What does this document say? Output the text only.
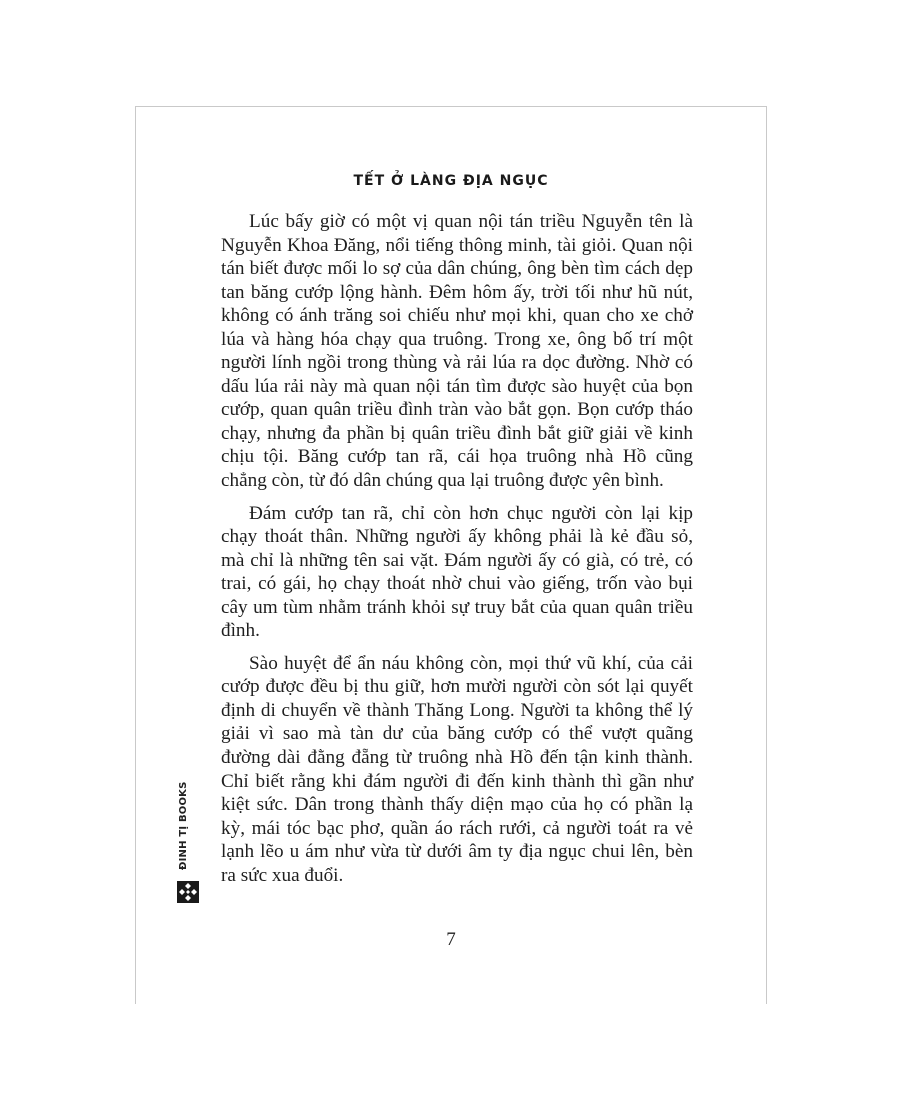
TẾT Ở LÀNG ĐỊA NGỤC

Lúc bấy giờ có một vị quan nội tán triều Nguyễn tên là Nguyễn Khoa Đăng, nổi tiếng thông minh, tài giỏi. Quan nội tán biết được mối lo sợ của dân chúng, ông bèn tìm cách dẹp tan băng cướp lộng hành. Đêm hôm ấy, trời tối như hũ nút, không có ánh trăng soi chiếu như mọi khi, quan cho xe chở lúa và hàng hóa chạy qua truông. Trong xe, ông bố trí một người lính ngồi trong thùng và rải lúa ra dọc đường. Nhờ có dấu lúa rải này mà quan nội tán tìm được sào huyệt của bọn cướp, quan quân triều đình tràn vào bắt gọn. Bọn cướp tháo chạy, nhưng đa phần bị quân triều đình bắt giữ giải về kinh chịu tội. Băng cướp tan rã, cái họa truông nhà Hồ cũng chẳng còn, từ đó dân chúng qua lại truông được yên bình.

Đám cướp tan rã, chỉ còn hơn chục người còn lại kịp chạy thoát thân. Những người ấy không phải là kẻ đầu sỏ, mà chỉ là những tên sai vặt. Đám người ấy có già, có trẻ, có trai, có gái, họ chạy thoát nhờ chui vào giếng, trốn vào bụi cây um tùm nhằm tránh khỏi sự truy bắt của quan quân triều đình.

Sào huyệt để ẩn náu không còn, mọi thứ vũ khí, của cải cướp được đều bị thu giữ, hơn mười người còn sót lại quyết định di chuyển về thành Thăng Long. Người ta không thể lý giải vì sao mà tàn dư của băng cướp có thể vượt quãng đường dài đằng đẵng từ truông nhà Hồ đến tận kinh thành. Chỉ biết rằng khi đám người đi đến kinh thành thì gần như kiệt sức. Dân trong thành thấy diện mạo của họ có phần lạ kỳ, mái tóc bạc phơ, quần áo rách rưới, cả người toát ra vẻ lạnh lẽo u ám như vừa từ dưới âm ty địa ngục chui lên, bèn ra sức xua đuổi.

7
ĐINH TỊ BOOKS
